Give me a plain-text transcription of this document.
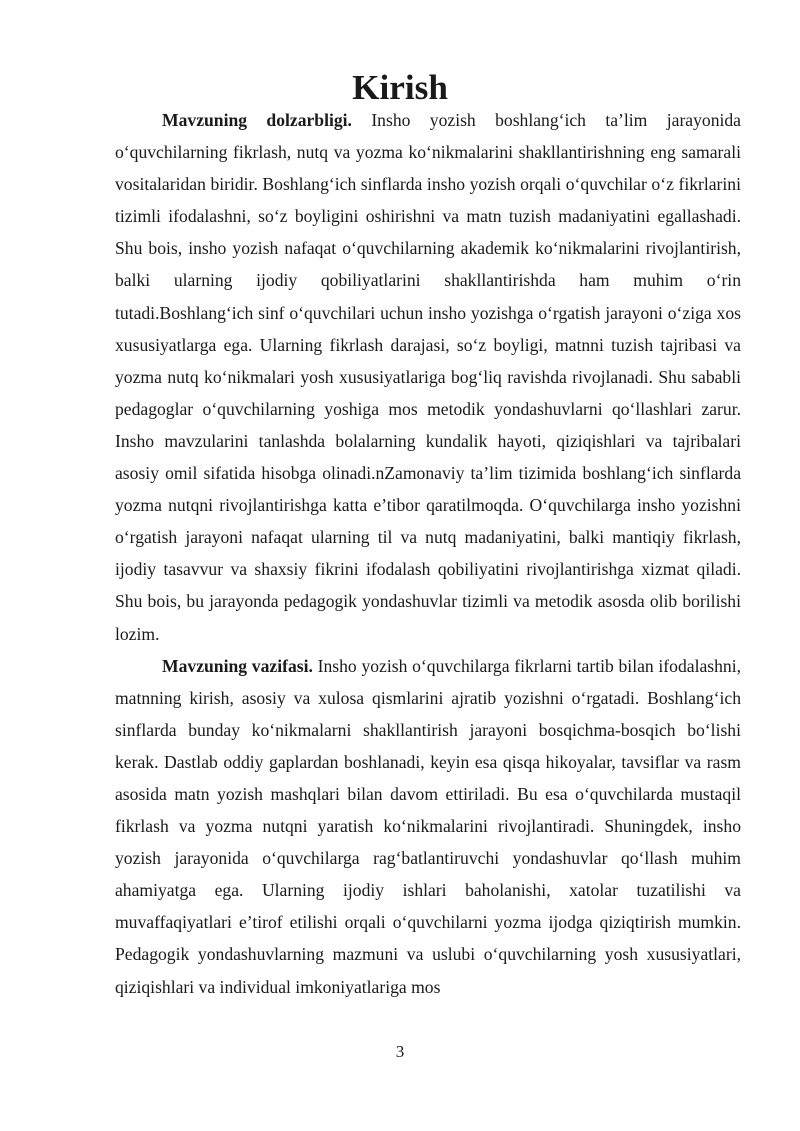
Kirish

Mavzuning dolzarbligi. Insho yozish boshlang‘ich ta’lim jarayonida o‘quvchilarning fikrlash, nutq va yozma ko‘nikmalarini shakllantirishning eng samarali vositalaridan biridir. Boshlang‘ich sinflarda insho yozish orqali o‘quvchilar o‘z fikrlarini tizimli ifodalashni, so‘z boyligini oshirishni va matn tuzish madaniyatini egallashadi. Shu bois, insho yozish nafaqat o‘quvchilarning akademik ko‘nikmalarini rivojlantirish, balki ularning ijodiy qobiliyatlarini shakllantirishda ham muhim o‘rin tutadi.Boshlang‘ich sinf o‘quvchilari uchun insho yozishga o‘rgatish jarayoni o‘ziga xos xususiyatlarga ega. Ularning fikrlash darajasi, so‘z boyligi, matnni tuzish tajribasi va yozma nutq ko‘nikmalari yosh xususiyatlariga bog‘liq ravishda rivojlanadi. Shu sababli pedagoglar o‘quvchilarning yoshiga mos metodik yondashuvlarni qo‘llashlari zarur. Insho mavzularini tanlashda bolalarning kundalik hayoti, qiziqishlari va tajribalari asosiy omil sifatida hisobga olinadi.nZamonaviy ta’lim tizimida boshlang‘ich sinflarda yozma nutqni rivojlantirishga katta e’tibor qaratilmoqda. O‘quvchilarga insho yozishni o‘rgatish jarayoni nafaqat ularning til va nutq madaniyatini, balki mantiqiy fikrlash, ijodiy tasavvur va shaxsiy fikrini ifodalash qobiliyatini rivojlantirishga xizmat qiladi. Shu bois, bu jarayonda pedagogik yondashuvlar tizimli va metodik asosda olib borilishi lozim.

Mavzuning vazifasi. Insho yozish o‘quvchilarga fikrlarni tartib bilan ifodalashni, matnning kirish, asosiy va xulosa qismlarini ajratib yozishni o‘rgatadi. Boshlang‘ich sinflarda bunday ko‘nikmalarni shakllantirish jarayoni bosqichma-bosqich bo‘lishi kerak. Dastlab oddiy gaplardan boshlanadi, keyin esa qisqa hikoyalar, tavsiflar va rasm asosida matn yozish mashqlari bilan davom ettiriladi. Bu esa o‘quvchilarda mustaqil fikrlash va yozma nutqni yaratish ko‘nikmalarini rivojlantiradi. Shuningdek, insho yozish jarayonida o‘quvchilarga rag‘batlantiruvchi yondashuvlar qo‘llash muhim ahamiyatga ega. Ularning ijodiy ishlari baholanishi, xatolar tuzatilishi va muvaffaqiyatlari e’tirof etilishi orqali o‘quvchilarni yozma ijodga qiziqtirish mumkin. Pedagogik yondashuvlarning mazmuni va uslubi o‘quvchilarning yosh xususiyatlari, qiziqishlari va individual imkoniyatlariga mos

3
